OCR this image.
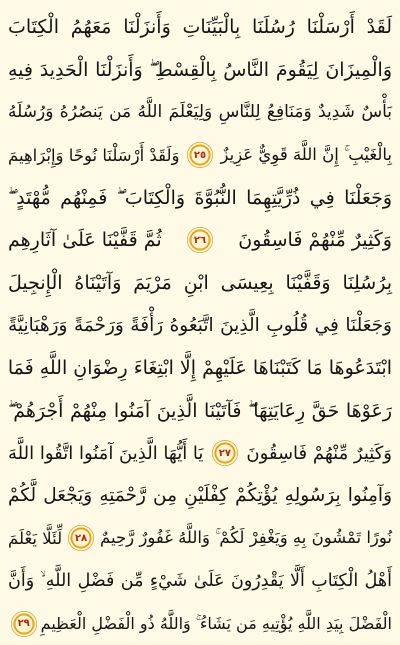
لَقَدْ أَرْسَلْنَا رُسُلَنَا بِالْبَيِّنَاتِ وَأَنزَلْنَا مَعَهُمُ الْكِتَابَ
وَالْمِيزَانَ لِيَقُومَ النَّاسُ بِالْقِسْطِ ۖ وَأَنزَلْنَا الْحَدِيدَ فِيهِ
بَأْسٌ شَدِيدٌ وَمَنَافِعُ لِلنَّاسِ وَلِيَعْلَمَ اللَّهُ مَن يَنصُرُهُ وَرُسُلَهُ
بِالْغَيْبِ ۚ إِنَّ اللَّهَ قَوِيٌّ عَزِيزٌ
٢٥
وَلَقَدْ أَرْسَلْنَا نُوحًا وَإِبْرَاهِيمَ
وَجَعَلْنَا فِي ذُرِّيَّتِهِمَا النُّبُوَّةَ وَالْكِتَابَ ۖ فَمِنْهُم مُّهْتَدٍ ۖ
وَكَثِيرٌ مِّنْهُمْ فَاسِقُونَ
٢٦
ثُمَّ قَفَّيْنَا عَلَىٰ آثَارِهِم
بِرُسُلِنَا وَقَفَّيْنَا بِعِيسَى ابْنِ مَرْيَمَ وَآتَيْنَاهُ الْإِنجِيلَ
وَجَعَلْنَا فِي قُلُوبِ الَّذِينَ اتَّبَعُوهُ رَأْفَةً وَرَحْمَةً وَرَهْبَانِيَّةً
ابْتَدَعُوهَا مَا كَتَبْنَاهَا عَلَيْهِمْ إِلَّا ابْتِغَاءَ رِضْوَانِ اللَّهِ فَمَا
رَعَوْهَا حَقَّ رِعَايَتِهَا ۖ فَآتَيْنَا الَّذِينَ آمَنُوا مِنْهُمْ أَجْرَهُمْ ۖ
وَكَثِيرٌ مِّنْهُمْ فَاسِقُونَ
٢٧
يَا أَيُّهَا الَّذِينَ آمَنُوا اتَّقُوا اللَّهَ
وَآمِنُوا بِرَسُولِهِ يُؤْتِكُمْ كِفْلَيْنِ مِن رَّحْمَتِهِ وَيَجْعَل لَّكُمْ
نُورًا تَمْشُونَ بِهِ وَيَغْفِرْ لَكُمْ ۚ وَاللَّهُ غَفُورٌ رَّحِيمٌ
٢٨
لِّئَلَّا يَعْلَمَ
أَهْلُ الْكِتَابِ أَلَّا يَقْدِرُونَ عَلَىٰ شَيْءٍ مِّن فَضْلِ اللَّهِ ۙ وَأَنَّ
الْفَضْلَ بِيَدِ اللَّهِ يُؤْتِيهِ مَن يَشَاءُ ۚ وَاللَّهُ ذُو الْفَضْلِ الْعَظِيمِ
٢٩
